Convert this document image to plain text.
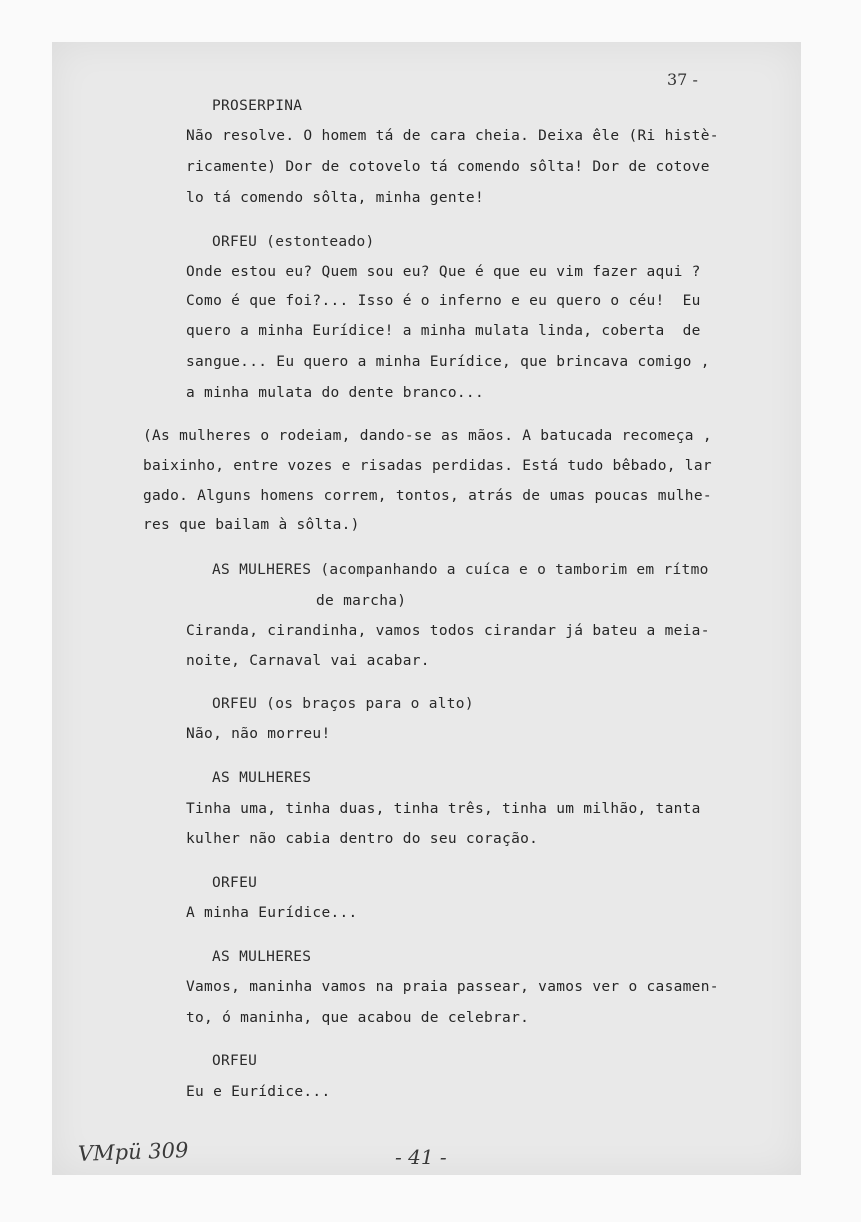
37 -
PROSERPINA
Não resolve. O homem tá de cara cheia. Deixa êle (Ri histè-
ricamente) Dor de cotovelo tá comendo sôlta! Dor de cotove
lo tá comendo sôlta, minha gente!
ORFEU (estonteado)
Onde estou eu? Quem sou eu? Que é que eu vim fazer aqui ?
Como é que foi?... Isso é o inferno e eu quero o céu!  Eu
quero a minha Eurídice! a minha mulata linda, coberta  de
sangue... Eu quero a minha Eurídice, que brincava comigo ,
a minha mulata do dente branco...
(As mulheres o rodeiam, dando-se as mãos. A batucada recomeça ,
baixinho, entre vozes e risadas perdidas. Está tudo bêbado, lar
gado. Alguns homens correm, tontos, atrás de umas poucas mulhe-
res que bailam à sôlta.)
AS MULHERES (acompanhando a cuíca e o tamborim em rítmo
de marcha)
Ciranda, cirandinha, vamos todos cirandar já bateu a meia-
noite, Carnaval vai acabar.
ORFEU (os braços para o alto)
Não, não morreu!
AS MULHERES
Tinha uma, tinha duas, tinha três, tinha um milhão, tanta
kulher não cabia dentro do seu coração.
ORFEU
A minha Eurídice...
AS MULHERES
Vamos, maninha vamos na praia passear, vamos ver o casamen-
to, ó maninha, que acabou de celebrar.
ORFEU
Eu e Eurídice...
VMpü 309	- 41 -
